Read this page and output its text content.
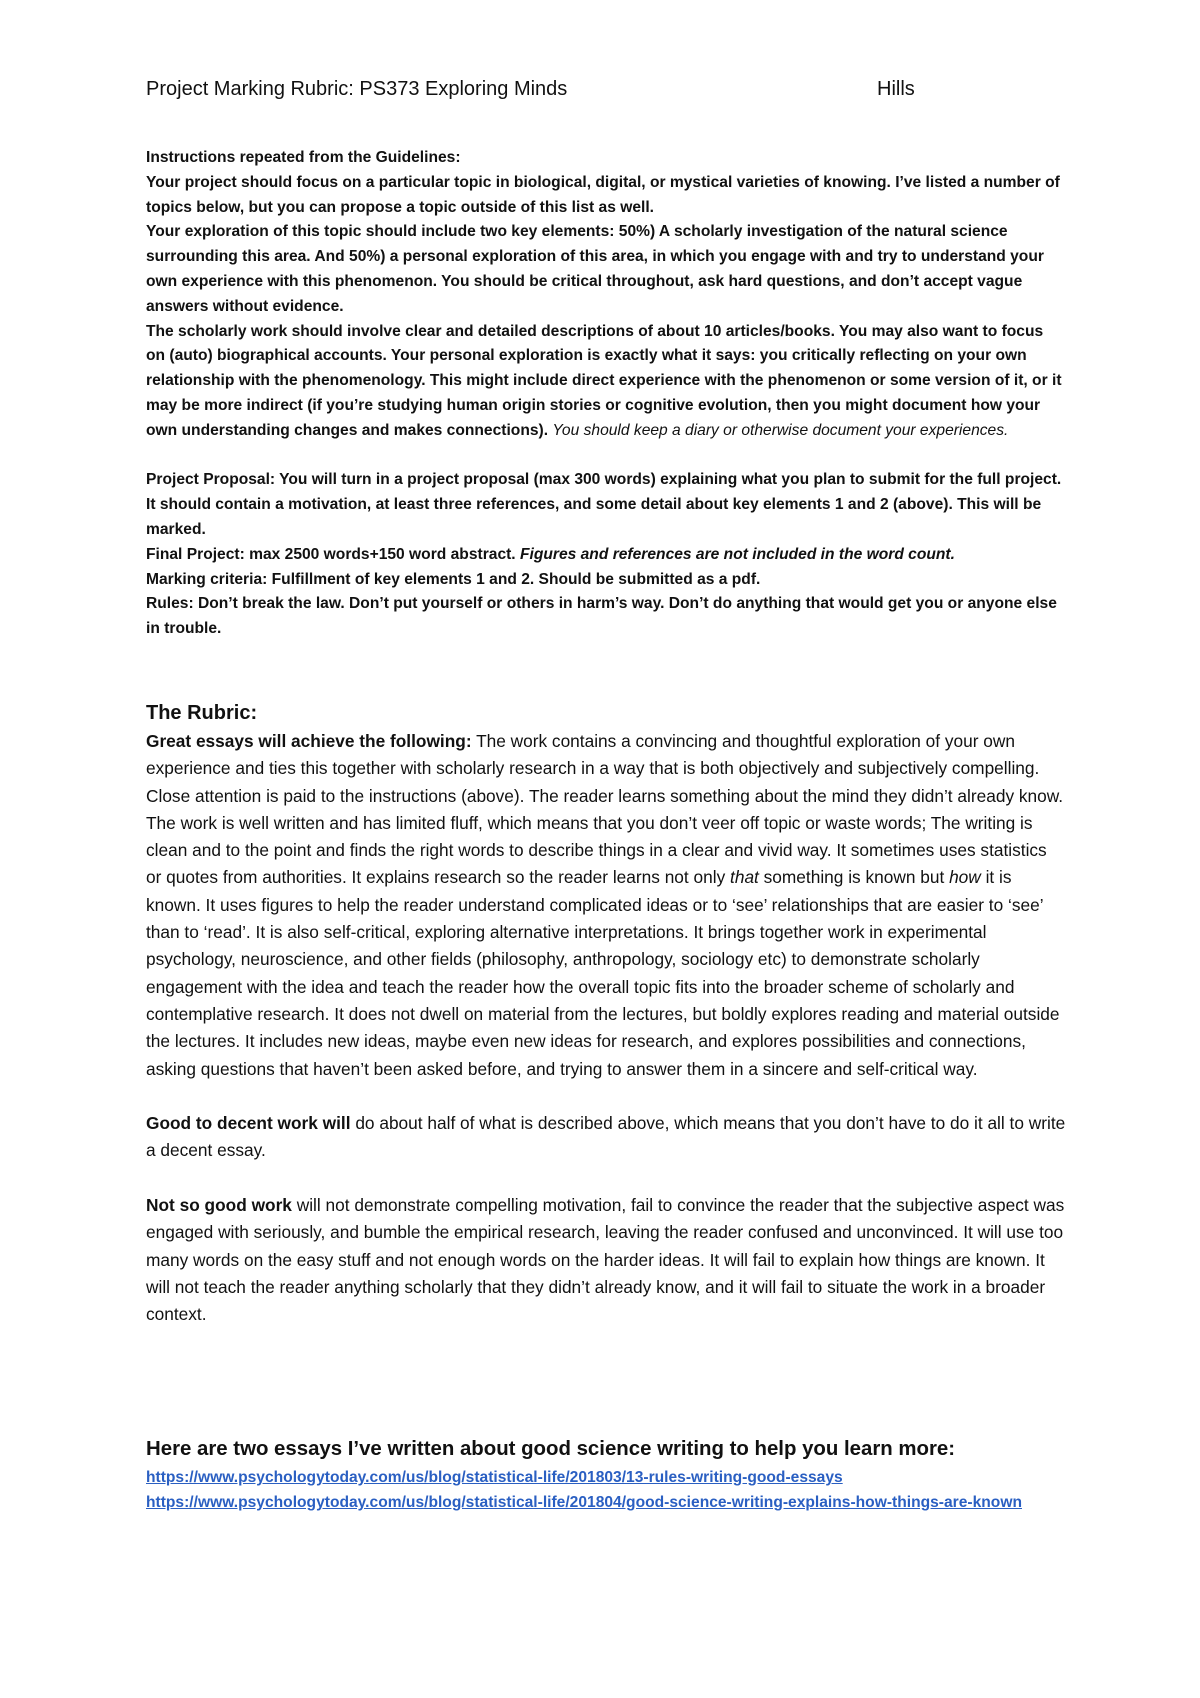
Project Marking Rubric: PS373 Exploring Minds	Hills

Instructions repeated from the Guidelines:

Your project should focus on a particular topic in biological, digital, or mystical varieties of knowing. I’ve listed a number of topics below, but you can propose a topic outside of this list as well.

Your exploration of this topic should include two key elements: 50%) A scholarly investigation of the natural science surrounding this area. And 50%) a personal exploration of this area, in which you engage with and try to understand your own experience with this phenomenon. You should be critical throughout, ask hard questions, and don’t accept vague answers without evidence.

The scholarly work should involve clear and detailed descriptions of about 10 articles/books. You may also want to focus on (auto) biographical accounts. Your personal exploration is exactly what it says: you critically reflecting on your own relationship with the phenomenology. This might include direct experience with the phenomenon or some version of it, or it may be more indirect (if you’re studying human origin stories or cognitive evolution, then you might document how your own understanding changes and makes connections). You should keep a diary or otherwise document your experiences.

Project Proposal: You will turn in a project proposal (max 300 words) explaining what you plan to submit for the full project. It should contain a motivation, at least three references, and some detail about key elements 1 and 2 (above). This will be marked.

Final Project: max 2500 words+150 word abstract. Figures and references are not included in the word count.

Marking criteria: Fulfillment of key elements 1 and 2. Should be submitted as a pdf.

Rules: Don’t break the law. Don’t put yourself or others in harm’s way. Don’t do anything that would get you or anyone else in trouble.

The Rubric:

Great essays will achieve the following: The work contains a convincing and thoughtful exploration of your own experience and ties this together with scholarly research in a way that is both objectively and subjectively compelling. Close attention is paid to the instructions (above). The reader learns something about the mind they didn’t already know. The work is well written and has limited fluff, which means that you don’t veer off topic or waste words; The writing is clean and to the point and finds the right words to describe things in a clear and vivid way. It sometimes uses statistics or quotes from authorities. It explains research so the reader learns not only that something is known but how it is known. It uses figures to help the reader understand complicated ideas or to ‘see’ relationships that are easier to ‘see’ than to ‘read’. It is also self-critical, exploring alternative interpretations. It brings together work in experimental psychology, neuroscience, and other fields (philosophy, anthropology, sociology etc) to demonstrate scholarly engagement with the idea and teach the reader how the overall topic fits into the broader scheme of scholarly and contemplative research. It does not dwell on material from the lectures, but boldly explores reading and material outside the lectures. It includes new ideas, maybe even new ideas for research, and explores possibilities and connections, asking questions that haven’t been asked before, and trying to answer them in a sincere and self-critical way.

Good to decent work will do about half of what is described above, which means that you don’t have to do it all to write a decent essay.

Not so good work will not demonstrate compelling motivation, fail to convince the reader that the subjective aspect was engaged with seriously, and bumble the empirical research, leaving the reader confused and unconvinced. It will use too many words on the easy stuff and not enough words on the harder ideas. It will fail to explain how things are known. It will not teach the reader anything scholarly that they didn’t already know, and it will fail to situate the work in a broader context.

Here are two essays I’ve written about good science writing to help you learn more:
https://www.psychologytoday.com/us/blog/statistical-life/201803/13-rules-writing-good-essays
https://www.psychologytoday.com/us/blog/statistical-life/201804/good-science-writing-explains-how-things-are-known
